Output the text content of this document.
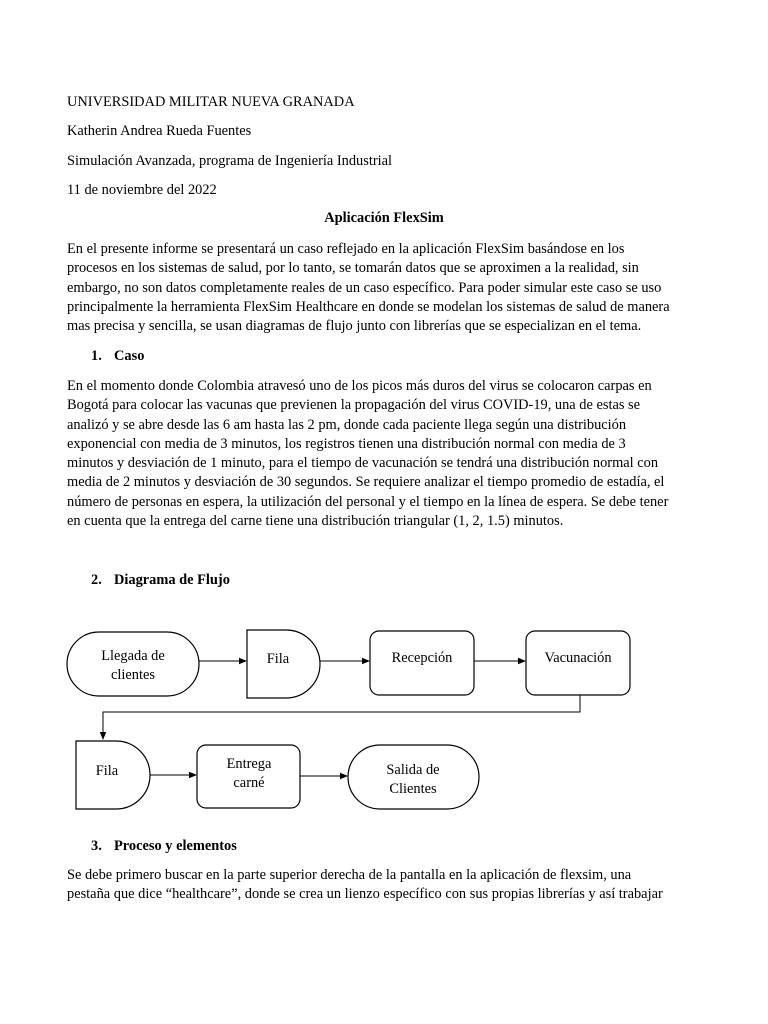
UNIVERSIDAD MILITAR NUEVA GRANADA
Katherin Andrea Rueda Fuentes
Simulación Avanzada, programa de Ingeniería Industrial
11 de noviembre del 2022
Aplicación FlexSim
En el presente informe se presentará un caso reflejado en la aplicación FlexSim basándose en los
procesos en los sistemas de salud, por lo tanto, se tomarán datos que se aproximen a la realidad, sin
embargo, no son datos completamente reales de un caso específico. Para poder simular este caso se uso
principalmente la herramienta FlexSim Healthcare en donde se modelan los sistemas de salud de manera
mas precisa y sencilla, se usan diagramas de flujo junto con librerías que se especializan en el tema.
1. Caso
En el momento donde Colombia atravesó uno de los picos más duros del virus se colocaron carpas en
Bogotá para colocar las vacunas que previenen la propagación del virus COVID-19, una de estas se
analizó y se abre desde las 6 am hasta las 2 pm, donde cada paciente llega según una distribución
exponencial con media de 3 minutos, los registros tienen una distribución normal con media de 3
minutos y desviación de 1 minuto, para el tiempo de vacunación se tendrá una distribución normal con
media de 2 minutos y desviación de 30 segundos. Se requiere analizar el tiempo promedio de estadía, el
número de personas en espera, la utilización del personal y el tiempo en la línea de espera. Se debe tener
en cuenta que la entrega del carne tiene una distribución triangular (1, 2, 1.5) minutos.
2. Diagrama de Flujo
Llegada de
clientes
Fila	Recepción	Vacunación
Fila	Entrega
carné
Salida de
Clientes
3. Proceso y elementos
Se debe primero buscar en la parte superior derecha de la pantalla en la aplicación de flexsim, una
pestaña que dice “healthcare”, donde se crea un lienzo específico con sus propias librerías y así trabajar
